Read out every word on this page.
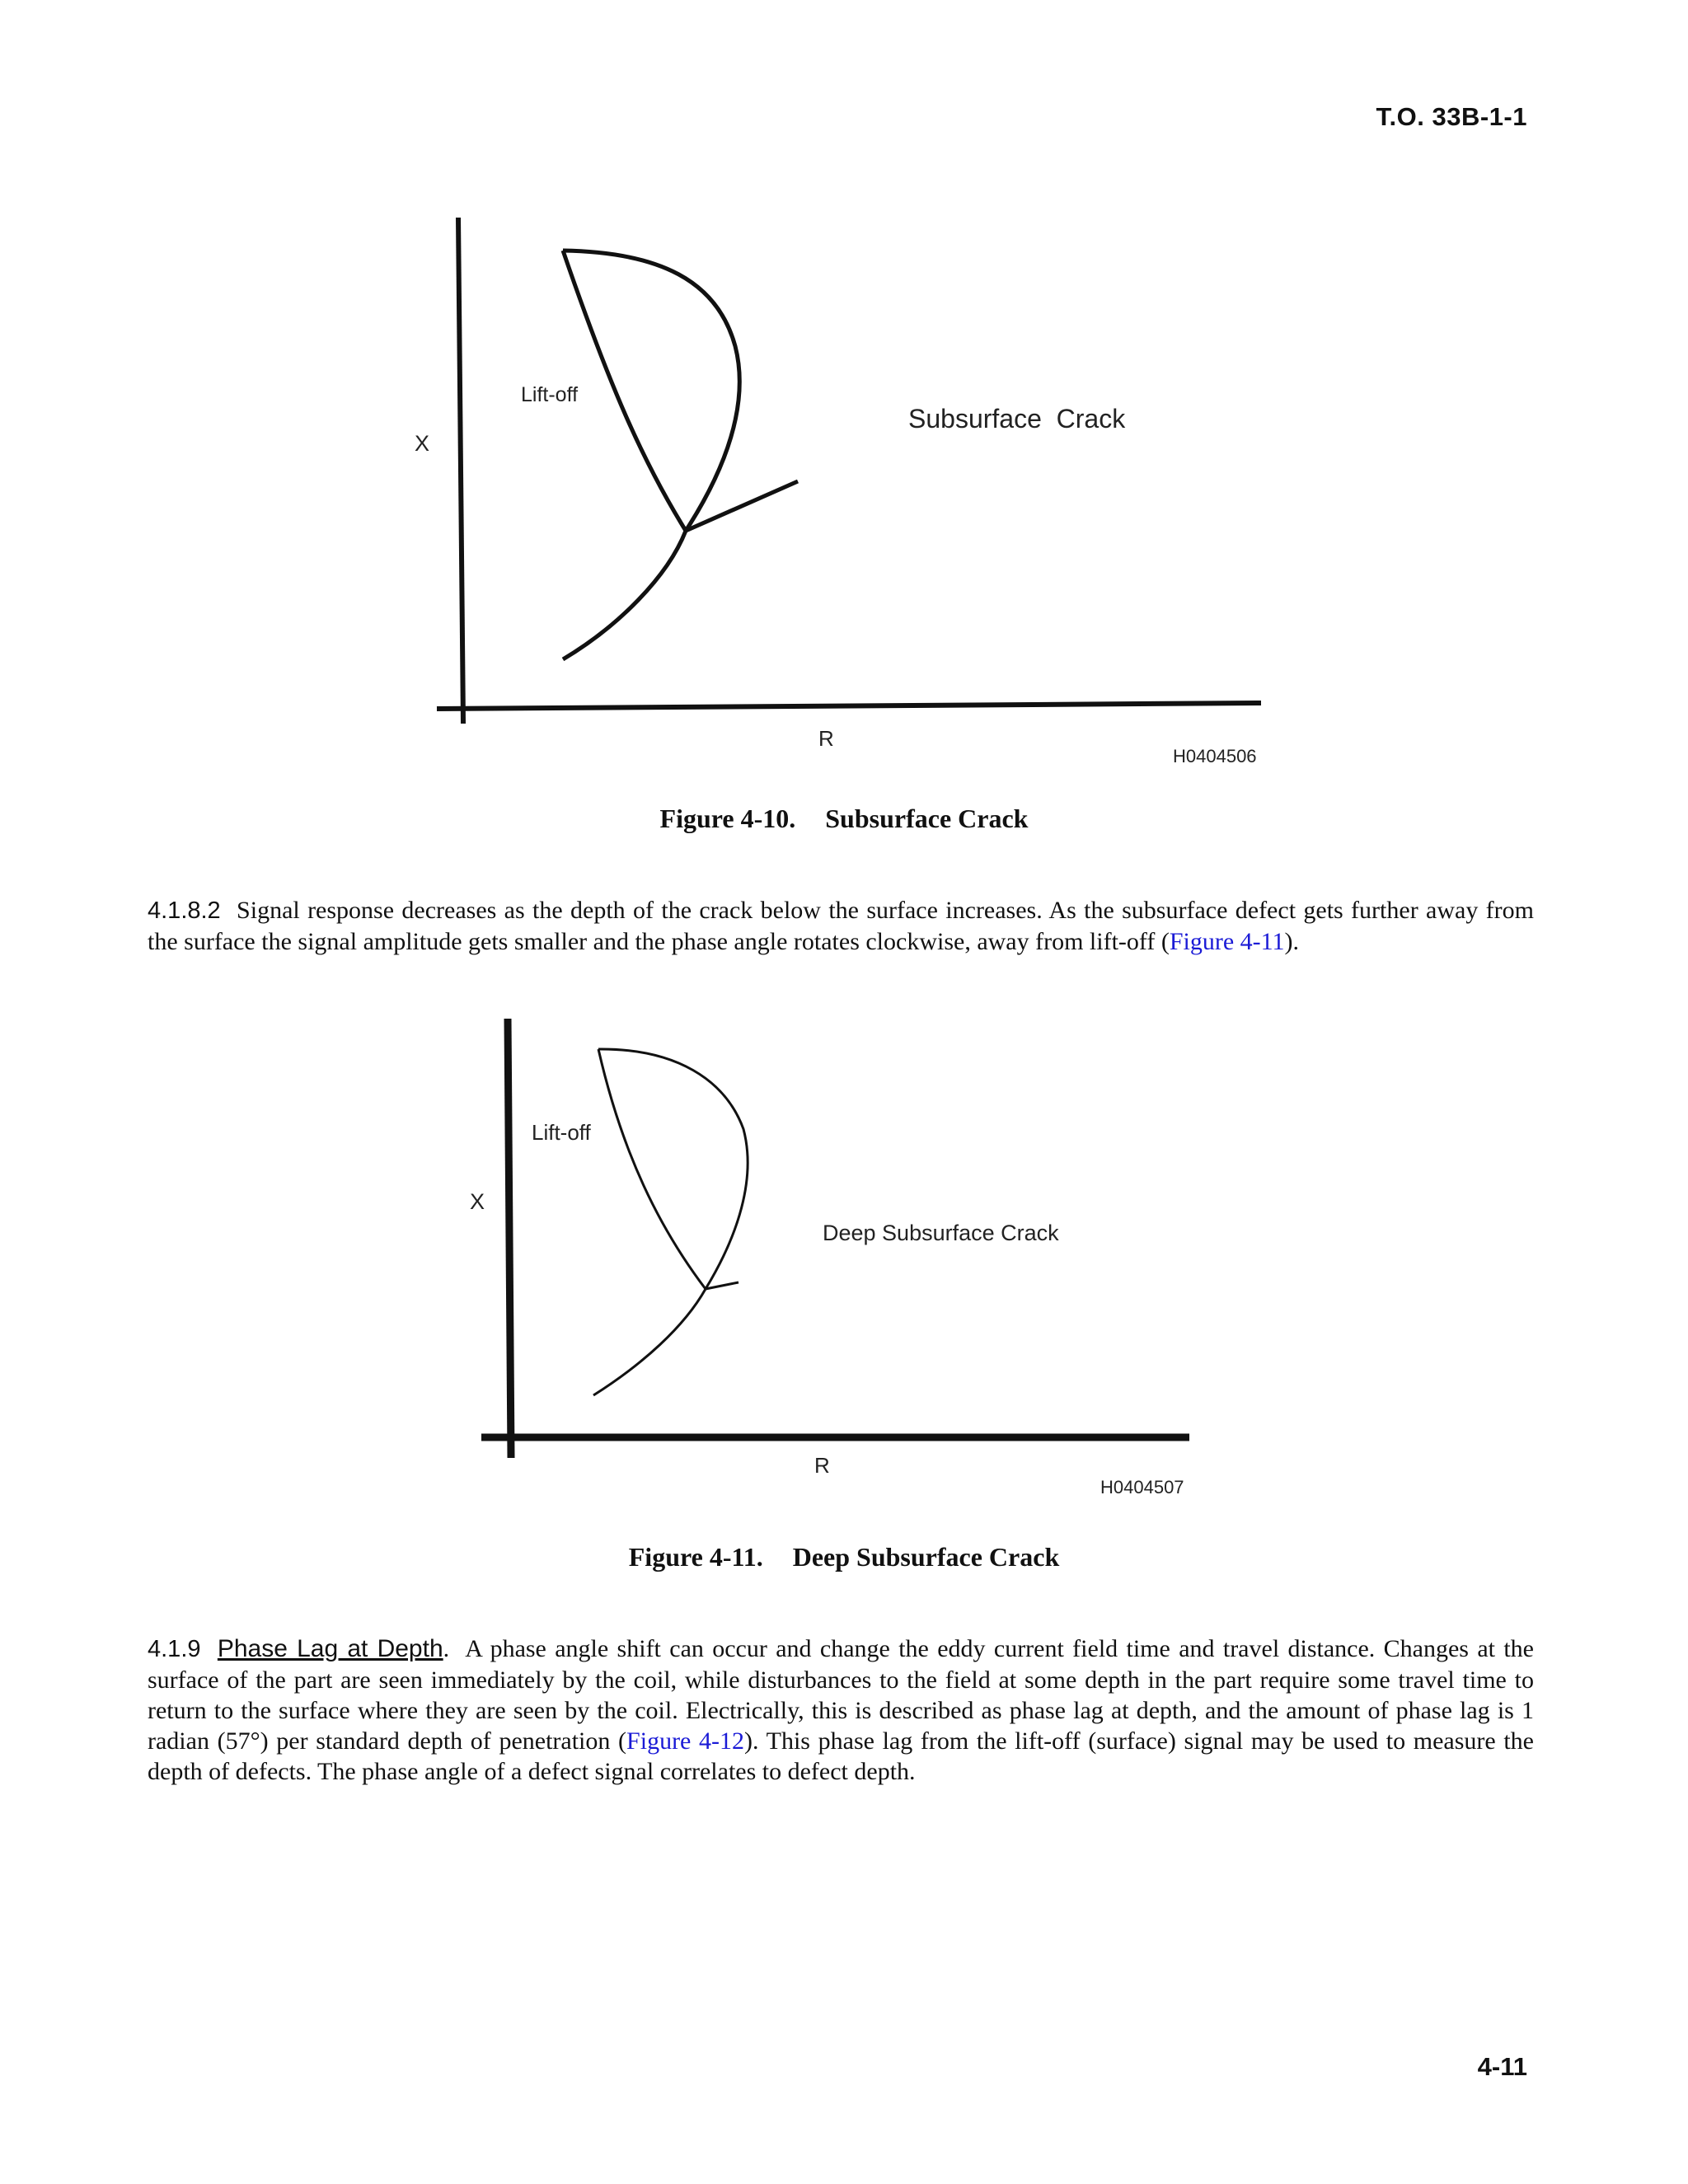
T.O. 33B-1-1
X
R
Lift-off
Subsurface  Crack
H0404506
Figure 4-10. Subsurface Crack
4.1.8.2 Signal response decreases as the depth of the crack below the surface increases. As the subsurface defect gets further away from the surface the signal amplitude gets smaller and the phase angle rotates clockwise, away from lift-off (Figure 4-11).
X
R
Lift-off
Deep Subsurface Crack
H0404507
Figure 4-11. Deep Subsurface Crack
4.1.9 Phase Lag at Depth. A phase angle shift can occur and change the eddy current field time and travel distance. Changes at the surface of the part are seen immediately by the coil, while disturbances to the field at some depth in the part require some travel time to return to the surface where they are seen by the coil. Electrically, this is described as phase lag at depth, and the amount of phase lag is 1 radian (57°) per standard depth of penetration (Figure 4-12). This phase lag from the lift-off (surface) signal may be used to measure the depth of defects. The phase angle of a defect signal correlates to defect depth.
4-11
